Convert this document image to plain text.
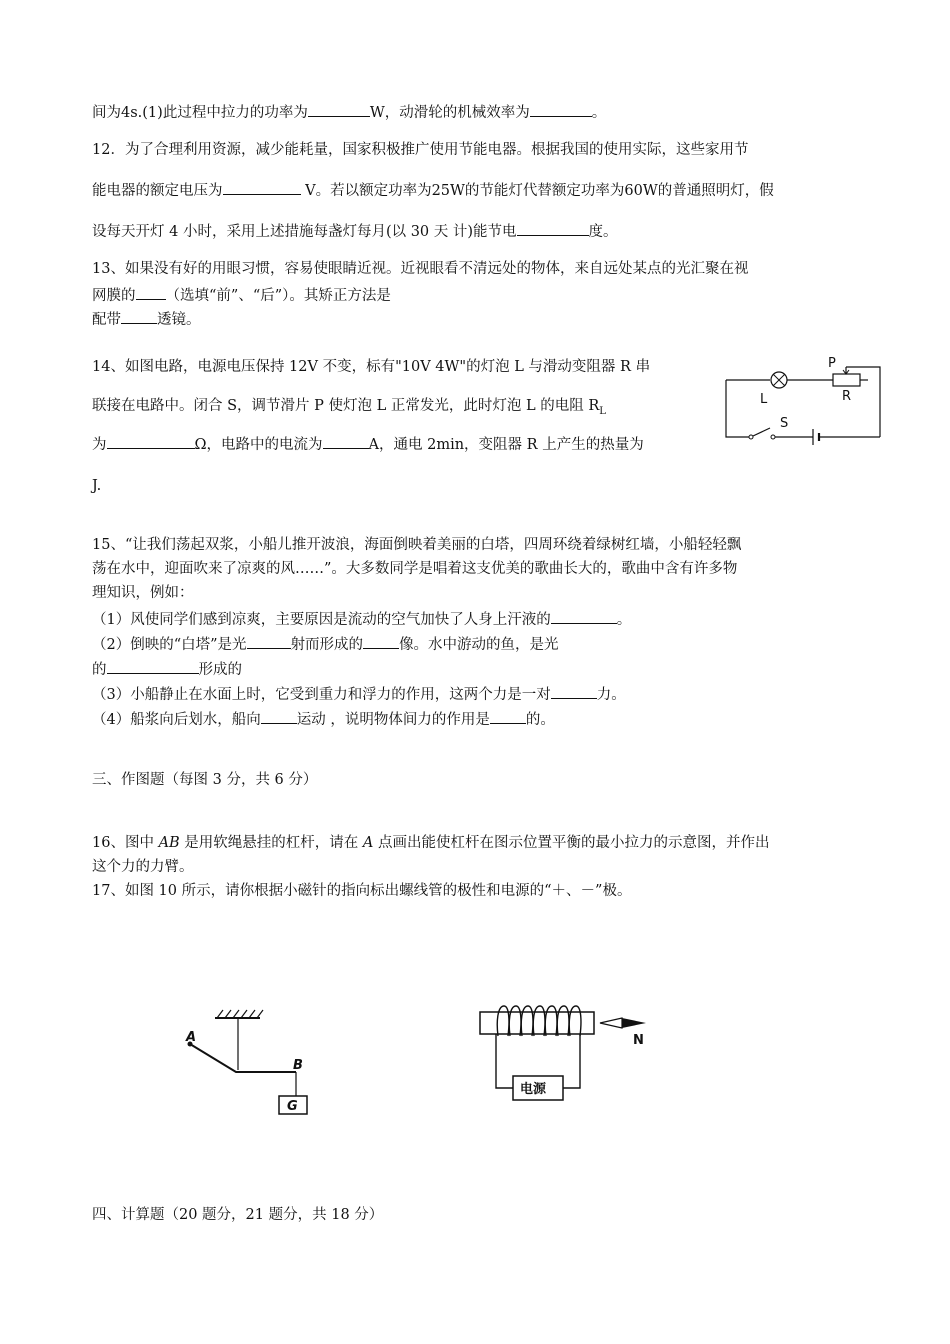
间为4s.(1)此过程中拉力的功率为	W，动滑轮的机械效率为	。
12．为了合理利用资源，减少能耗量，国家积极推广使用节能电器。根据我国的使用实际，这些家用节
能电器的额定电压为	V。若以额定功率为25W的节能灯代替额定功率为60W的普通照明灯，假
设每天开灯 4 小时，采用上述措施每盏灯每月(以 30 天 计)能节电	度。
13、如果没有好的用眼习惯，容易使眼睛近视。近视眼看不清远处的物体，来自远处某点的光汇聚在视
网膜的 （选填“前”、“后”）。其矫正方法是
配带 透镜。
14、如图电路，电源电压保持 12V 不变，标有"10V 4W"的灯泡 L 与滑动变阻器 R 串
联接在电路中。闭合 S，调节滑片 P 使灯泡 L 正常发光，此时灯泡 L 的电阻 $R_L$
为	Ω，电路中的电流为	A，通电 2min，变阻器 R 上产生的热量为
J.
P
L	R
S
15、“让我们荡起双浆，小船儿推开波浪，海面倒映着美丽的白塔，四周环绕着绿树红墙，小船轻轻飘
荡在水中，迎面吹来了凉爽的风……”。大多数同学是唱着这支优美的歌曲长大的，歌曲中含有许多物
理知识，例如：
（1）风使同学们感到凉爽，主要原因是流动的空气加快了人身上汗液的	。
（2）倒映的“白塔”是光	射而形成的 像。水中游动的鱼，是光
的	形成的
（3）小船静止在水面上时，它受到重力和浮力的作用，这两个力是一对	力。
（4）船浆向后划水，船向 运动 ，说明物体间力的作用是 的。
三、作图题（每图 3 分，共 6 分）
16、图中 AB 是用软绳悬挂的杠杆，请在 A 点画出能使杠杆在图示位置平衡的最小拉力的示意图，并作出
这个力的力臂。
17、如图 10 所示，请你根据小磁针的指向标出螺线管的极性和电源的“＋、－”极。
A
B
G
电源
N
四、计算题（20 题分，21 题分，共 18 分）
